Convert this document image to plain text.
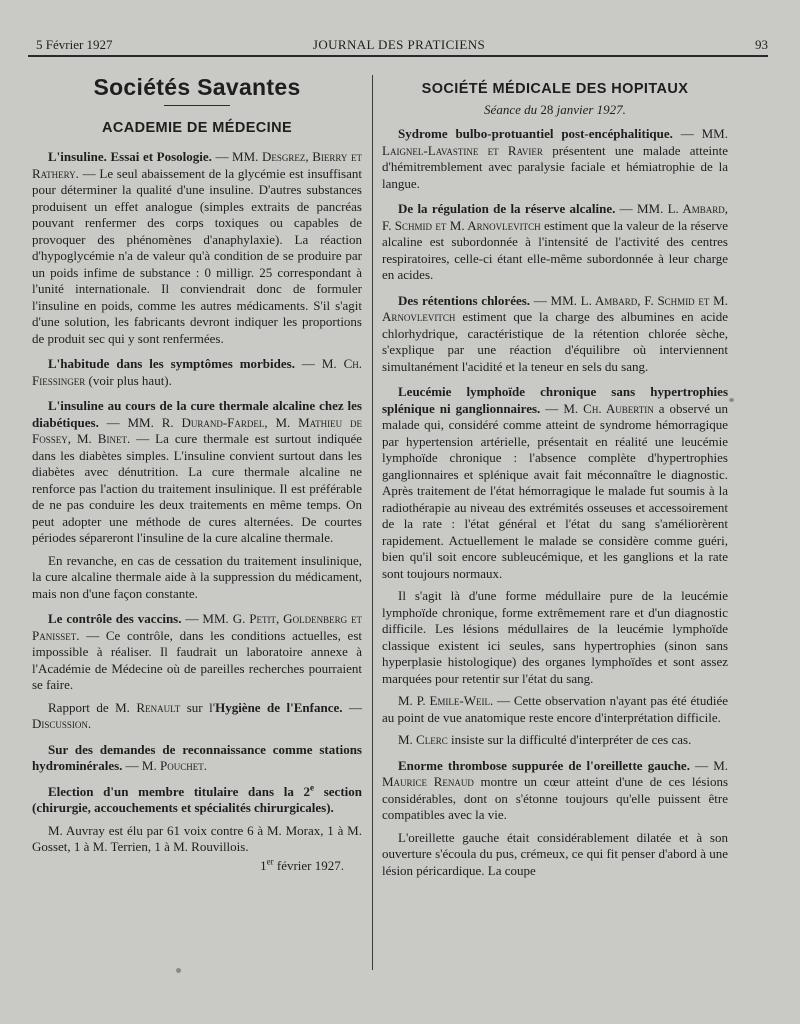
5 Février 1927	JOURNAL DES PRATICIENS	93
Sociétés Savantes
ACADEMIE DE MÉDECINE

L'insuline. Essai et Posologie. — MM. Desgrez, Bierry et Rathery. — Le seul abaissement de la glycémie est insuffisant pour déterminer la qualité d'une insuline. D'autres substances produisent un effet analogue (simples extraits de pancréas pouvant renfermer des corps toxiques ou capables de provoquer des phénomènes d'anaphylaxie). La réaction d'hypoglycémie n'a de valeur qu'à condition de se produire par un poids infime de substance : 0 milligr. 25 correspondant à l'unité internationale. Il conviendrait donc de formuler l'insuline en poids, comme les autres médicaments. S'il s'agit d'une solution, les fabricants devront indiquer les proportions de produit sec qui y sont renfermées.

L'habitude dans les symptômes morbides. — M. Ch. Fiessinger (voir plus haut).

L'insuline au cours de la cure thermale alcaline chez les diabétiques. — MM. R. Durand-Fardel, M. Mathieu de Fossey, M. Binet. — La cure thermale est surtout indiquée dans les diabètes simples. L'insuline convient surtout dans les diabètes avec dénutrition. La cure thermale alcaline ne renforce pas l'action du traitement insulinique. Il est préférable de ne pas conduire les deux traitements en même temps. On peut adopter une méthode de cures alternées. De courtes périodes sépareront l'insuline de la cure alcaline thermale.

En revanche, en cas de cessation du traitement insulinique, la cure alcaline thermale aide à la suppression du médicament, mais non d'une façon constante.

Le contrôle des vaccins. — MM. G. Petit, Goldenberg et Panisset. — Ce contrôle, dans les conditions actuelles, est impossible à réaliser. Il faudrait un laboratoire annexe à l'Académie de Médecine où de pareilles recherches pourraient se faire.

Rapport de M. Renault sur l'Hygiène de l'Enfance. — Discussion.

Sur des demandes de reconnaissance comme stations hydrominérales. — M. Pouchet.

Election d'un membre titulaire dans la 2e section (chirurgie, accouchements et spécialités chirurgicales).

M. Auvray est élu par 61 voix contre 6 à M. Morax, 1 à M. Gosset, 1 à M. Terrien, 1 à M. Rouvillois.

1er février 1927.
SOCIÉTÉ MÉDICALE DES HOPITAUX
Séance du 28 janvier 1927.

Sydrome bulbo-protuantiel post-encéphalitique. — MM. Laignel-Lavastine et Ravier présentent une malade atteinte d'hémitremblement avec paralysie faciale et hémiatrophie de la langue.

De la régulation de la réserve alcaline. — MM. L. Ambard, F. Schmid et M. Arnovlevitch estiment que la valeur de la réserve alcaline est subordonnée à l'intensité de l'activité des centres respiratoires, celle-ci étant elle-même subordonnée à leur charge en acides.

Des rétentions chlorées. — MM. L. Ambard, F. Schmid et M. Arnovlevitch estiment que la charge des albumines en acide chlorhydrique, caractéristique de la rétention chlorée sèche, s'explique par une réaction d'équilibre où interviennent simultanément l'acidité et la teneur en sels du sang.

Leucémie lymphoïde chronique sans hypertrophies splénique ni ganglionnaires. — M. Ch. Aubertin a observé un malade qui, considéré comme atteint de syndrome hémorragique par hypertension artérielle, présentait en réalité une leucémie lymphoïde chronique : l'absence complète d'hypertrophies ganglionnaires et splénique avait fait méconnaître le diagnostic. Après traitement de l'état hémorragique le malade fut soumis à la radiothérapie au niveau des extrémités osseuses et accessoirement de la rate : l'état général et l'état du sang s'améliorèrent rapidement. Actuellement le malade se considère comme guéri, bien qu'il soit encore subleucémique, et les ganglions et la rate sont toujours normaux.

Il s'agit là d'une forme médullaire pure de la leucémie lymphoïde chronique, forme extrêmement rare et d'un diagnostic difficile. Les lésions médullaires de la leucémie lymphoïde classique existent ici seules, sans hypertrophies (sinon sans hyperplasie histologique) des organes lymphoïdes et sont assez marquées pour retentir sur l'état du sang.

M. P. Emile-Weil. — Cette observation n'ayant pas été étudiée au point de vue anatomique reste encore d'interprétation difficile.

M. Clerc insiste sur la difficulté d'interpréter de ces cas.

Enorme thrombose suppurée de l'oreillette gauche. — M. Maurice Renaud montre un cœur atteint d'une de ces lésions considérables, dont on s'étonne toujours qu'elle puissent être compatibles avec la vie.

L'oreillette gauche était considérablement dilatée et à son ouverture s'écoula du pus, crémeux, ce qui fit penser d'abord à une lésion péricardique. La coupe
